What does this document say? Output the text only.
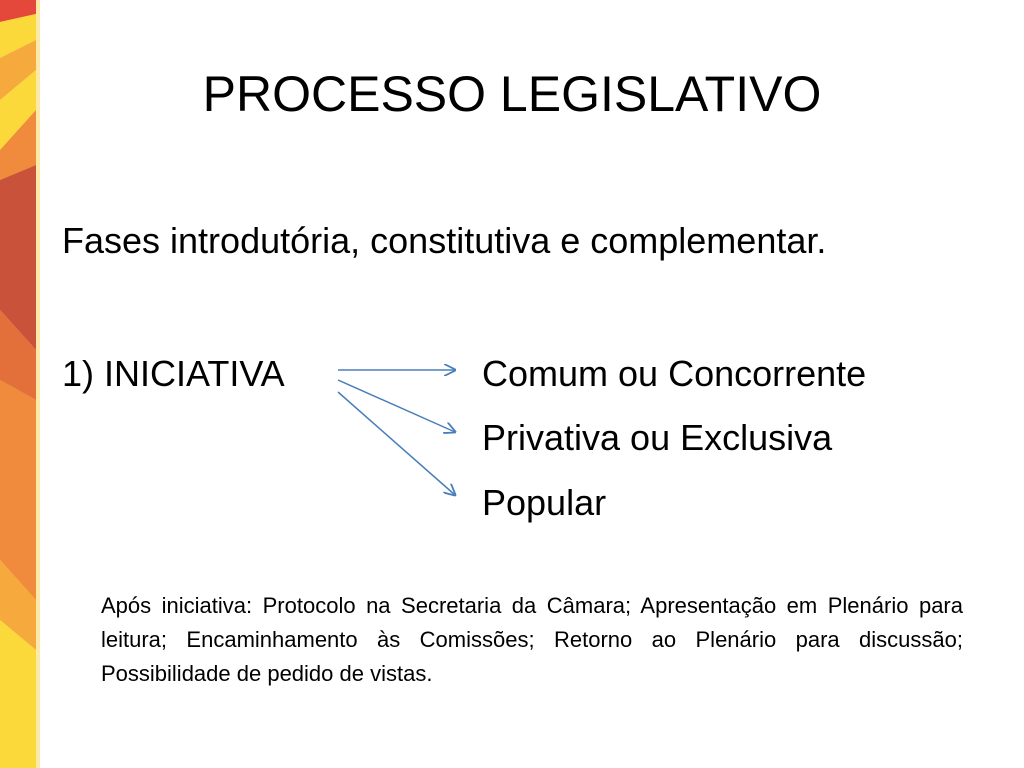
PROCESSO LEGISLATIVO
Fases introdutória, constitutiva e complementar.
1) INICIATIVA	Comum ou Concorrente
Privativa ou Exclusiva
Popular
Após iniciativa: Protocolo na Secretaria da Câmara; Apresentação em Plenário para leitura; Encaminhamento às Comissões; Retorno ao Plenário para discussão; Possibilidade de pedido de vistas.
